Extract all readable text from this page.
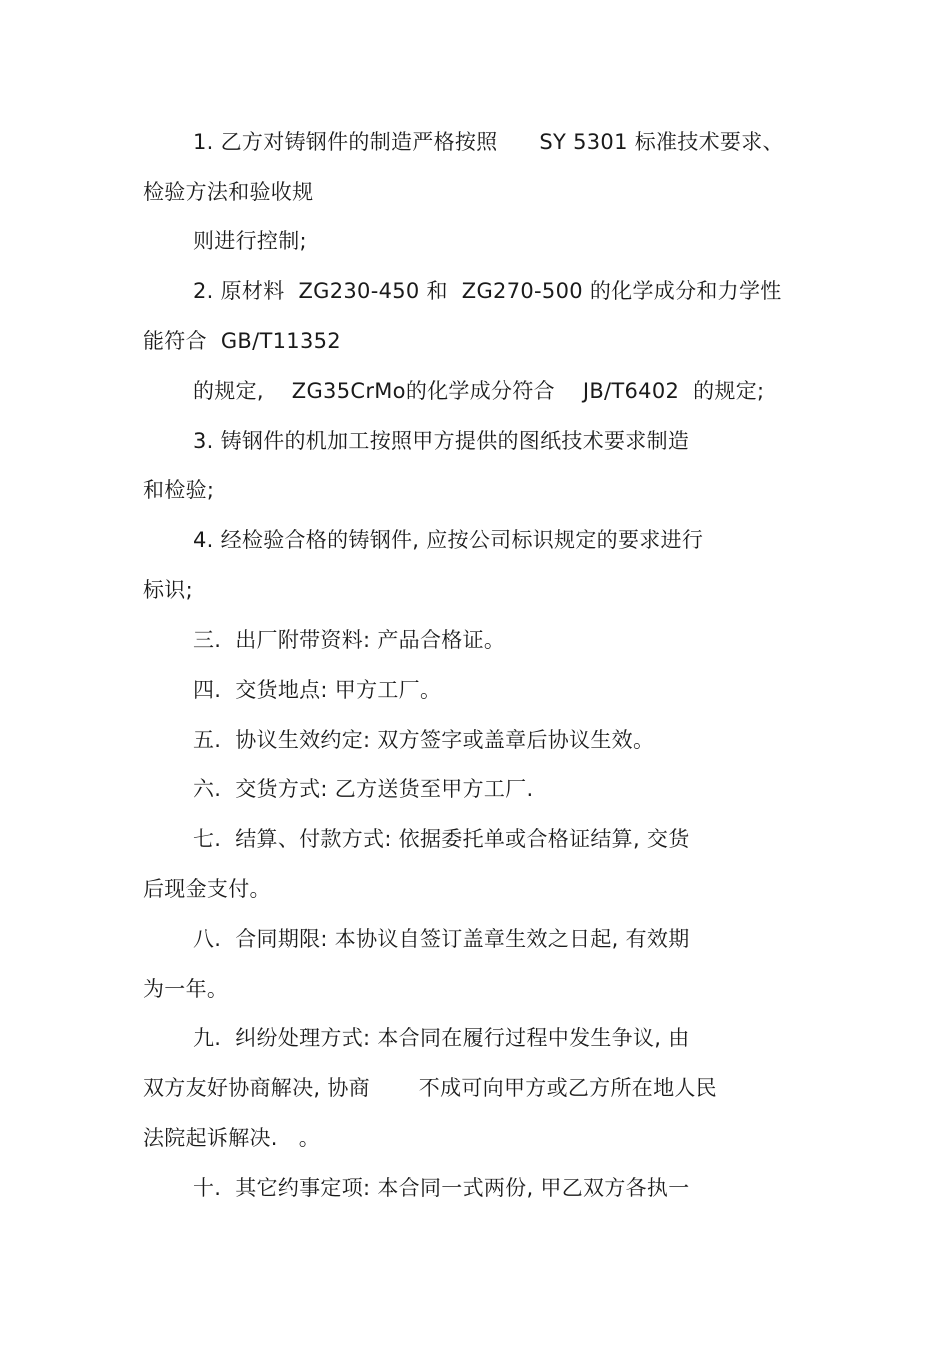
1. 乙方对铸钢件的制造严格按照      SY 5301 标准技术要求、
检验方法和验收规
则进行控制;
2. 原材料  ZG230-450 和  ZG270-500 的化学成分和力学性
能符合  GB/T11352
的规定,    ZG35CrMo的化学成分符合    JB/T6402  的规定;
3. 铸钢件的机加工按照甲方提供的图纸技术要求制造
和检验;
4. 经检验合格的铸钢件, 应按公司标识规定的要求进行
标识;
三.  出厂附带资料: 产品合格证。
四.  交货地点: 甲方工厂。
五.  协议生效约定: 双方签字或盖章后协议生效。
六.  交货方式: 乙方送货至甲方工厂.
七.  结算、付款方式: 依据委托单或合格证结算, 交货
后现金支付。
八.  合同期限: 本协议自签订盖章生效之日起, 有效期
为一年。
九.  纠纷处理方式: 本合同在履行过程中发生争议, 由
双方友好协商解决, 协商       不成可向甲方或乙方所在地人民
法院起诉解决.   。
十.  其它约事定项: 本合同一式两份, 甲乙双方各执一
